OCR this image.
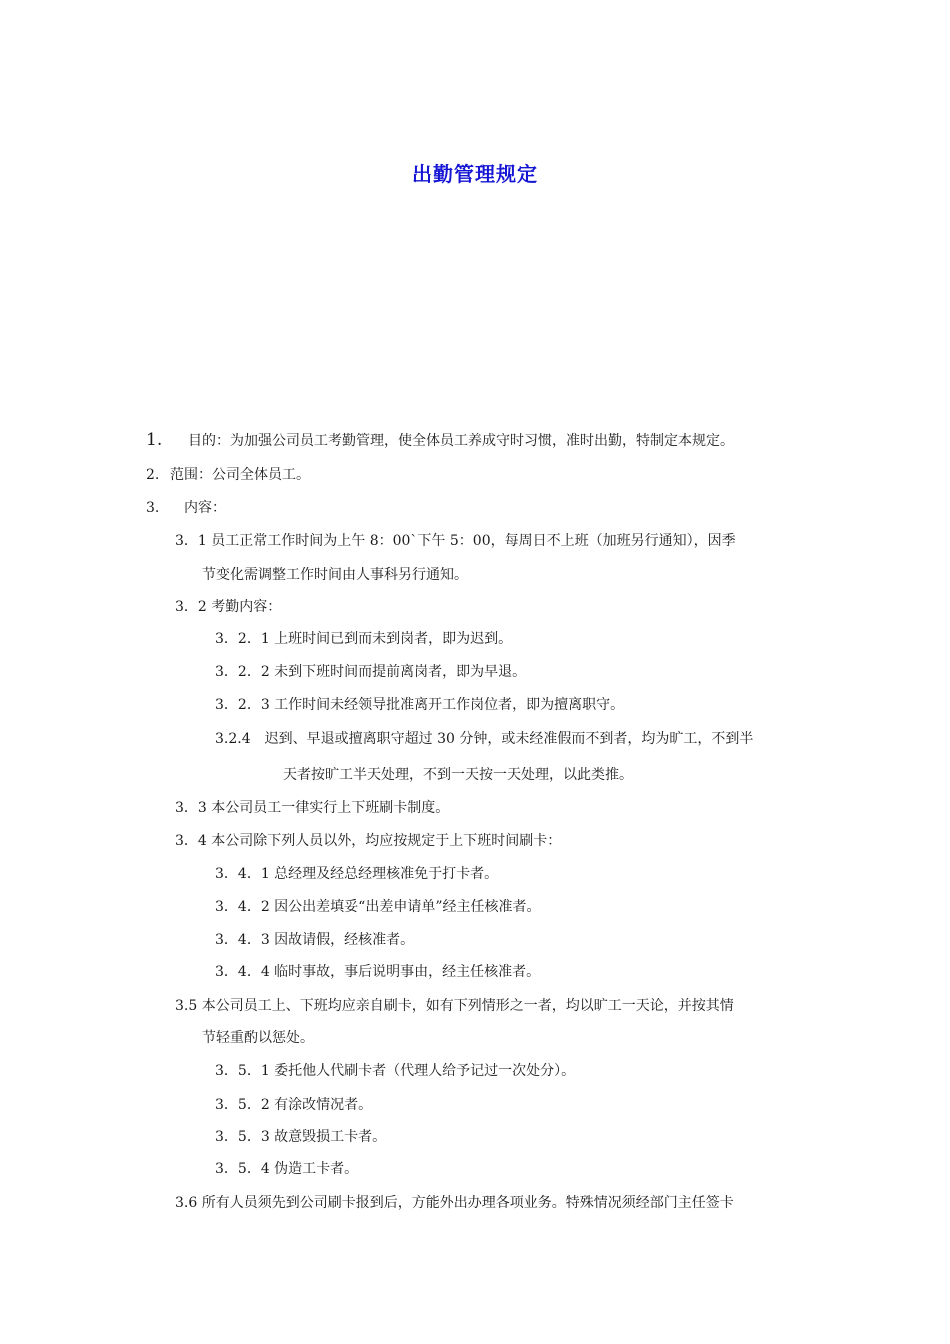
出勤管理规定
1. 目的：为加强公司员工考勤管理，使全体员工养成守时习惯，准时出勤，特制定本规定。
2. 范围：公司全体员工。
3. 内容：
3．1 员工正常工作时间为上午 8：00`下午 5：00，每周日不上班（加班另行通知），因季
节变化需调整工作时间由人事科另行通知。
3．2 考勤内容：
3．2．1 上班时间已到而未到岗者，即为迟到。
3．2．2 未到下班时间而提前离岗者，即为早退。
3．2．3 工作时间未经领导批准离开工作岗位者，即为擅离职守。
3.2.4　迟到、早退或擅离职守超过 30 分钟，或未经准假而不到者，均为旷工，不到半
天者按旷工半天处理，不到一天按一天处理，以此类推。
3．3 本公司员工一律实行上下班刷卡制度。
3．4 本公司除下列人员以外，均应按规定于上下班时间刷卡：
3．4．1 总经理及经总经理核准免于打卡者。
3．4．2 因公出差填妥“出差申请单”经主任核准者。
3．4．3 因故请假，经核准者。
3．4．4 临时事故，事后说明事由，经主任核准者。
3.5 本公司员工上、下班均应亲自刷卡，如有下列情形之一者，均以旷工一天论，并按其情
节轻重酌以惩处。
3．5．1 委托他人代刷卡者（代理人给予记过一次处分）。
3．5．2 有涂改情况者。
3．5．3 故意毁损工卡者。
3．5．4 伪造工卡者。
3.6 所有人员须先到公司刷卡报到后，方能外出办理各项业务。特殊情况须经部门主任签卡
